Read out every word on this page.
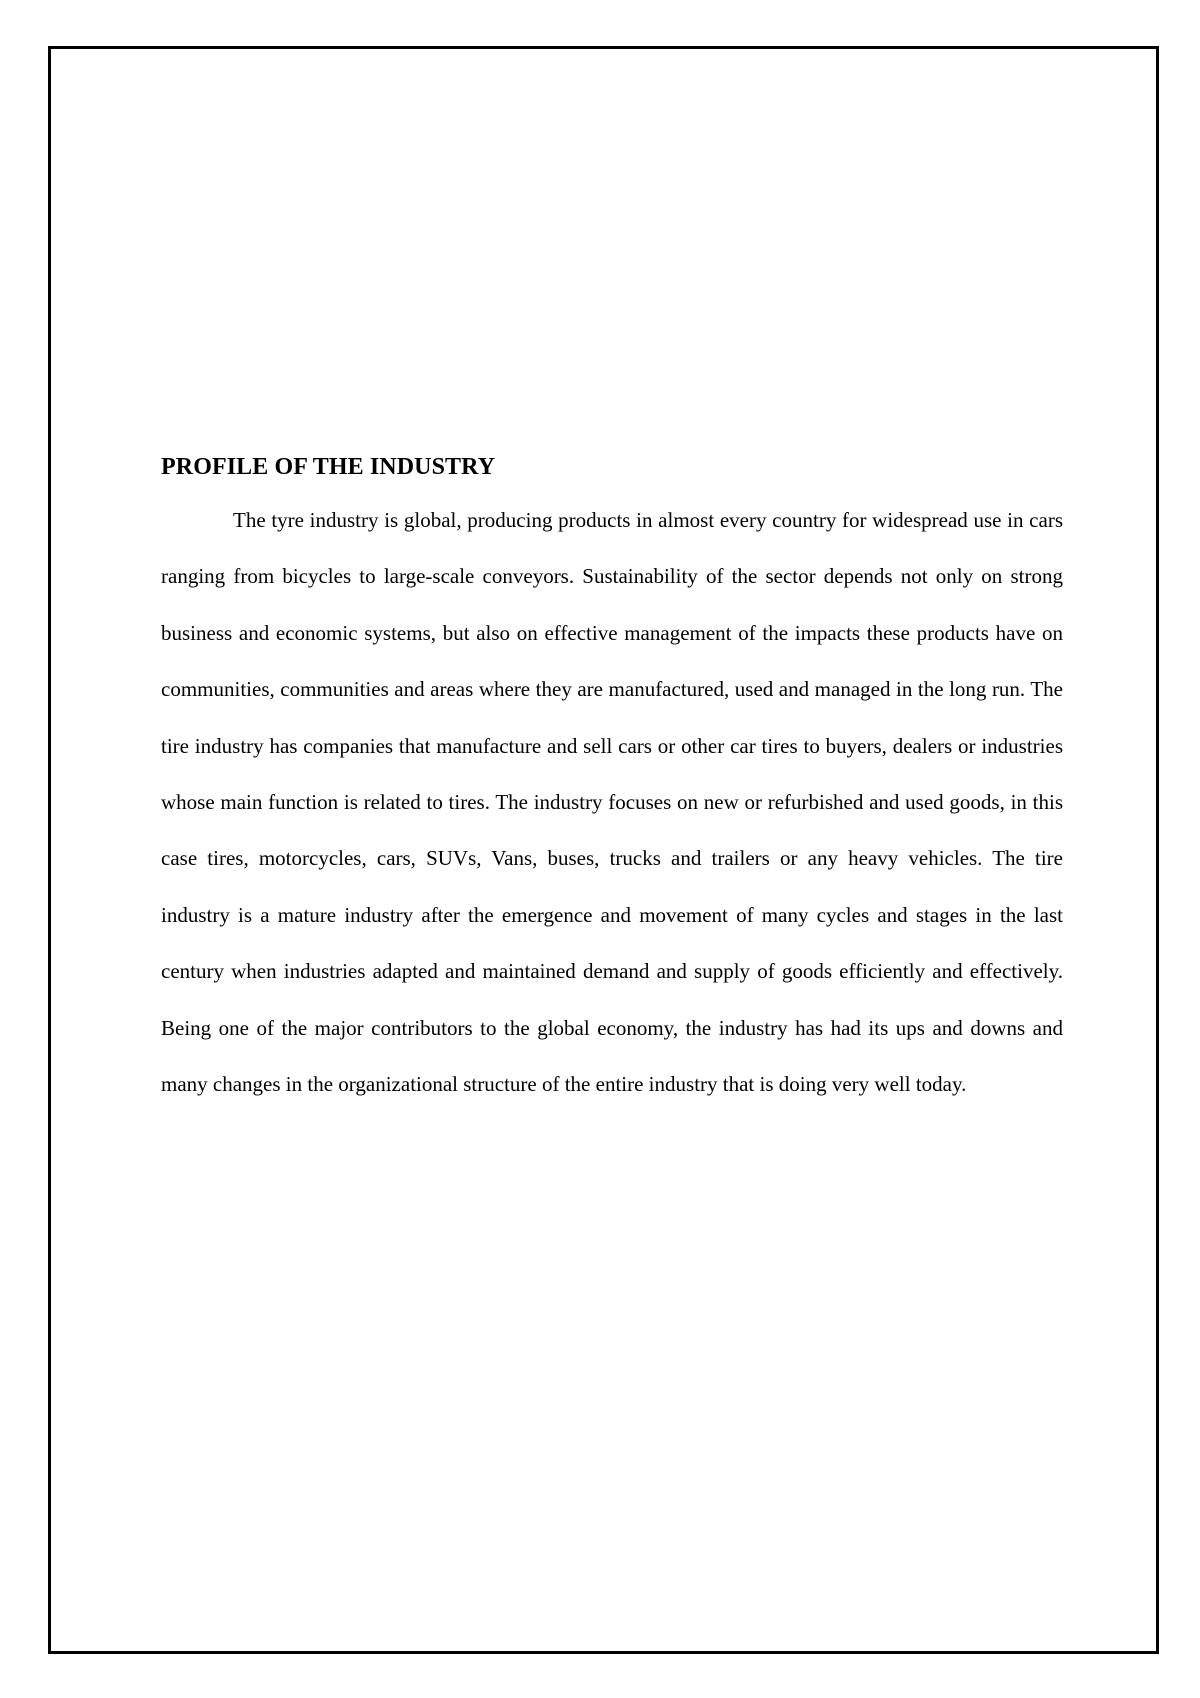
PROFILE OF THE INDUSTRY

The tyre industry is global, producing products in almost every country for widespread use in cars ranging from bicycles to large-scale conveyors. Sustainability of the sector depends not only on strong business and economic systems, but also on effective management of the impacts these products have on communities, communities and areas where they are manufactured, used and managed in the long run. The tire industry has companies that manufacture and sell cars or other car tires to buyers, dealers or industries whose main function is related to tires. The industry focuses on new or refurbished and used goods, in this case tires, motorcycles, cars, SUVs, Vans, buses, trucks and trailers or any heavy vehicles. The tire industry is a mature industry after the emergence and movement of many cycles and stages in the last century when industries adapted and maintained demand and supply of goods efficiently and effectively. Being one of the major contributors to the global economy, the industry has had its ups and downs and many changes in the organizational structure of the entire industry that is doing very well today.
